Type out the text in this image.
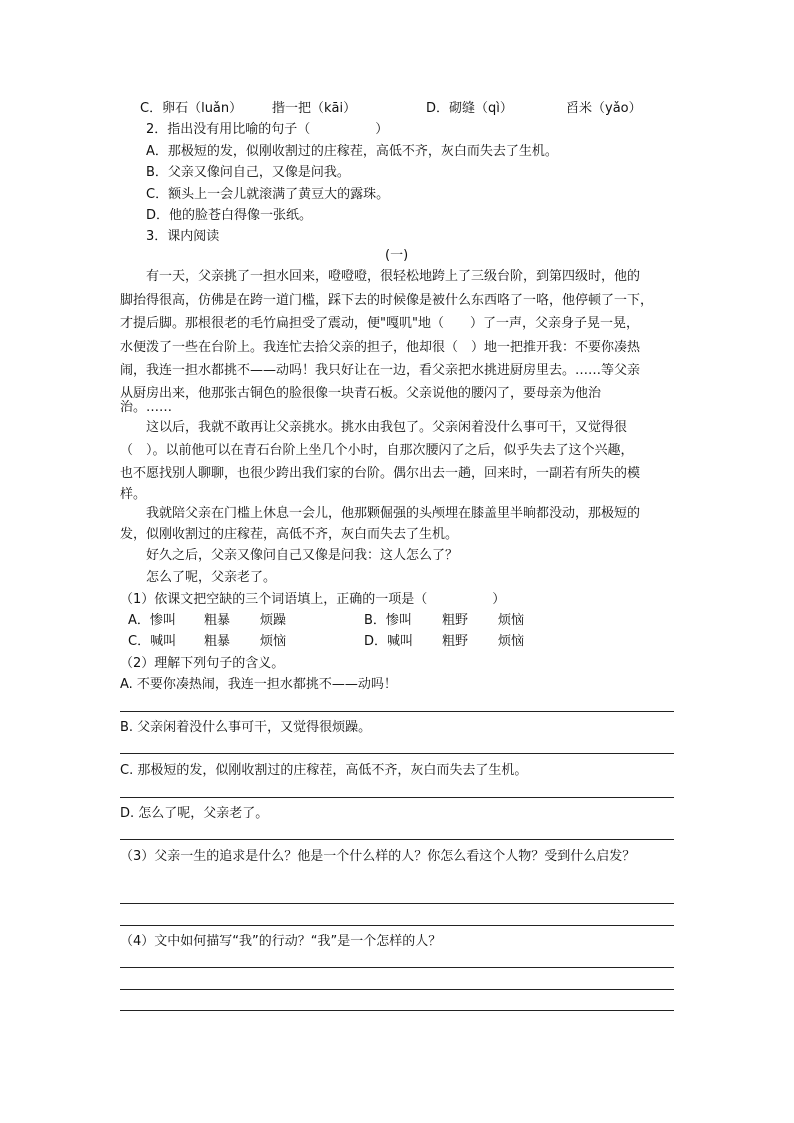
C．卵石（luǎn） 揩一把（kāi）	D．砌缝（qì）	舀米（yǎo）
2．指出没有用比喻的句子（　　　　　）
A．那极短的发，似刚收割过的庄稼茬，高低不齐，灰白而失去了生机。
B．父亲又像问自己，又像是问我。
C．额头上一会儿就滚满了黄豆大的露珠。
D．他的脸苍白得像一张纸。
3．课内阅读
(一)
有一天，父亲挑了一担水回来，噔噔噔，很轻松地跨上了三级台阶，到第四级时，他的
脚抬得很高，仿佛是在跨一道门槛，踩下去的时候像是被什么东西咯了一咯，他停顿了一下，
才提后脚。那根很老的毛竹扁担受了震动，便"嘎叽"地（　　）了一声，父亲身子晃一晃，
水便泼了一些在台阶上。我连忙去拾父亲的担子，他却很（　）地一把推开我：不要你凑热
闹，我连一担水都挑不——动吗！我只好让在一边，看父亲把水挑进厨房里去。……等父亲
从厨房出来，他那张古铜色的脸很像一块青石板。父亲说他的腰闪了，要母亲为他治
治。……
这以后，我就不敢再让父亲挑水。挑水由我包了。父亲闲着没什么事可干，又觉得很
（　）。以前他可以在青石台阶上坐几个小时，自那次腰闪了之后，似乎失去了这个兴趣，
也不愿找别人聊聊，也很少跨出我们家的台阶。偶尔出去一趟，回来时，一副若有所失的模
样。
我就陪父亲在门槛上休息一会儿，他那颗倔强的头颅埋在膝盖里半晌都没动，那极短的
发，似刚收割过的庄稼茬，高低不齐，灰白而失去了生机。
好久之后，父亲又像问自己又像是问我：这人怎么了？
怎么了呢，父亲老了。
（1）依课文把空缺的三个词语填上，正确的一项是（　　　　　）
A．惨叫 粗暴 烦躁	B．惨叫 粗野 烦恼
C．喊叫 粗暴 烦恼	D．喊叫 粗野 烦恼
（2）理解下列句子的含义。
A. 不要你凑热闹，我连一担水都挑不——动吗！
B. 父亲闲着没什么事可干，又觉得很烦躁。
C. 那极短的发，似刚收割过的庄稼茬，高低不齐，灰白而失去了生机。
D. 怎么了呢，父亲老了。
（3）父亲一生的追求是什么？他是一个什么样的人？你怎么看这个人物？受到什么启发？
（4）文中如何描写“我”的行动？“我”是一个怎样的人？
